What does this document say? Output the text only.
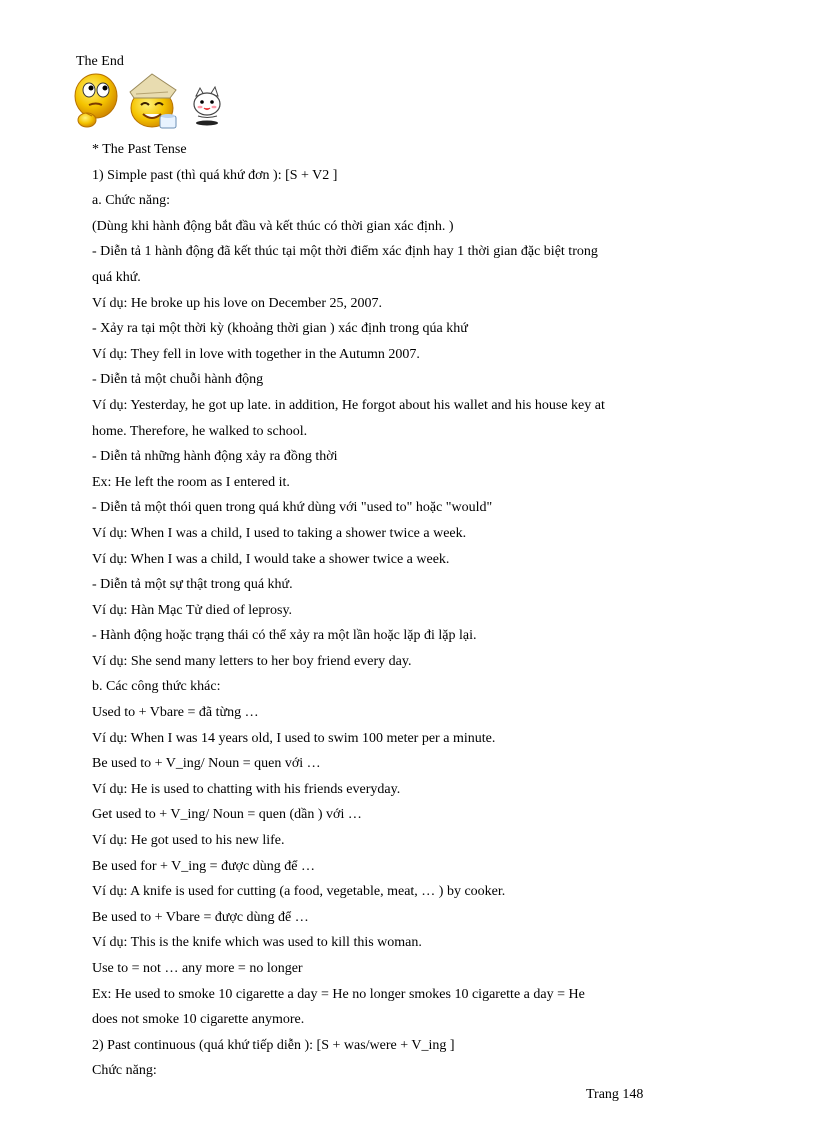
The End
* The Past Tense
1) Simple past (thì quá khứ đơn ): [S + V2 ]
a. Chức năng:
(Dùng khi hành động bắt đầu và kết thúc có thời gian xác định. )
- Diễn tả 1 hành động đã kết thúc tại một thời điểm xác định hay 1 thời gian đặc biệt trong
quá khứ.
Ví dụ: He broke up his love on December 25, 2007.
- Xảy ra tại một thời kỳ (khoảng thời gian ) xác định trong qúa khứ
Ví dụ: They fell in love with together in the Autumn 2007.
- Diễn tả một chuỗi hành động
Ví dụ: Yesterday, he got up late. in addition, He forgot about his wallet and his house key at
home. Therefore, he walked to school.
- Diễn tả những hành động xảy ra đồng thời
Ex: He left the room as I entered it.
- Diễn tả một thói quen trong quá khứ dùng với "used to" hoặc "would"
Ví dụ: When I was a child, I used to taking a shower twice a week.
Ví dụ: When I was a child, I would take a shower twice a week.
- Diễn tả một sự thật trong quá khứ.
Ví dụ: Hàn Mạc Tử died of leprosy.
- Hành động hoặc trạng thái có thể xảy ra một lần hoặc lặp đi lặp lại.
Ví dụ: She send many letters to her boy friend every day.
b. Các công thức khác:
Used to + Vbare = đã từng …
Ví dụ: When I was 14 years old, I used to swim 100 meter per a minute.
Be used to + V_ing/ Noun = quen với …
Ví dụ: He is used to chatting with his friends everyday.
Get used to + V_ing/ Noun = quen (dần ) với …
Ví dụ: He got used to his new life.
Be used for + V_ing = được dùng để …
Ví dụ: A knife is used for cutting (a food, vegetable, meat, … ) by cooker.
Be used to + Vbare = được dùng để …
Ví dụ: This is the knife which was used to kill this woman.
Use to = not … any more = no longer
Ex: He used to smoke 10 cigarette a day = He no longer smokes 10 cigarette a day = He
does not smoke 10 cigarette anymore.
2) Past continuous (quá khứ tiếp diễn ): [S + was/were + V_ing ]
Chức năng:
Trang 148
